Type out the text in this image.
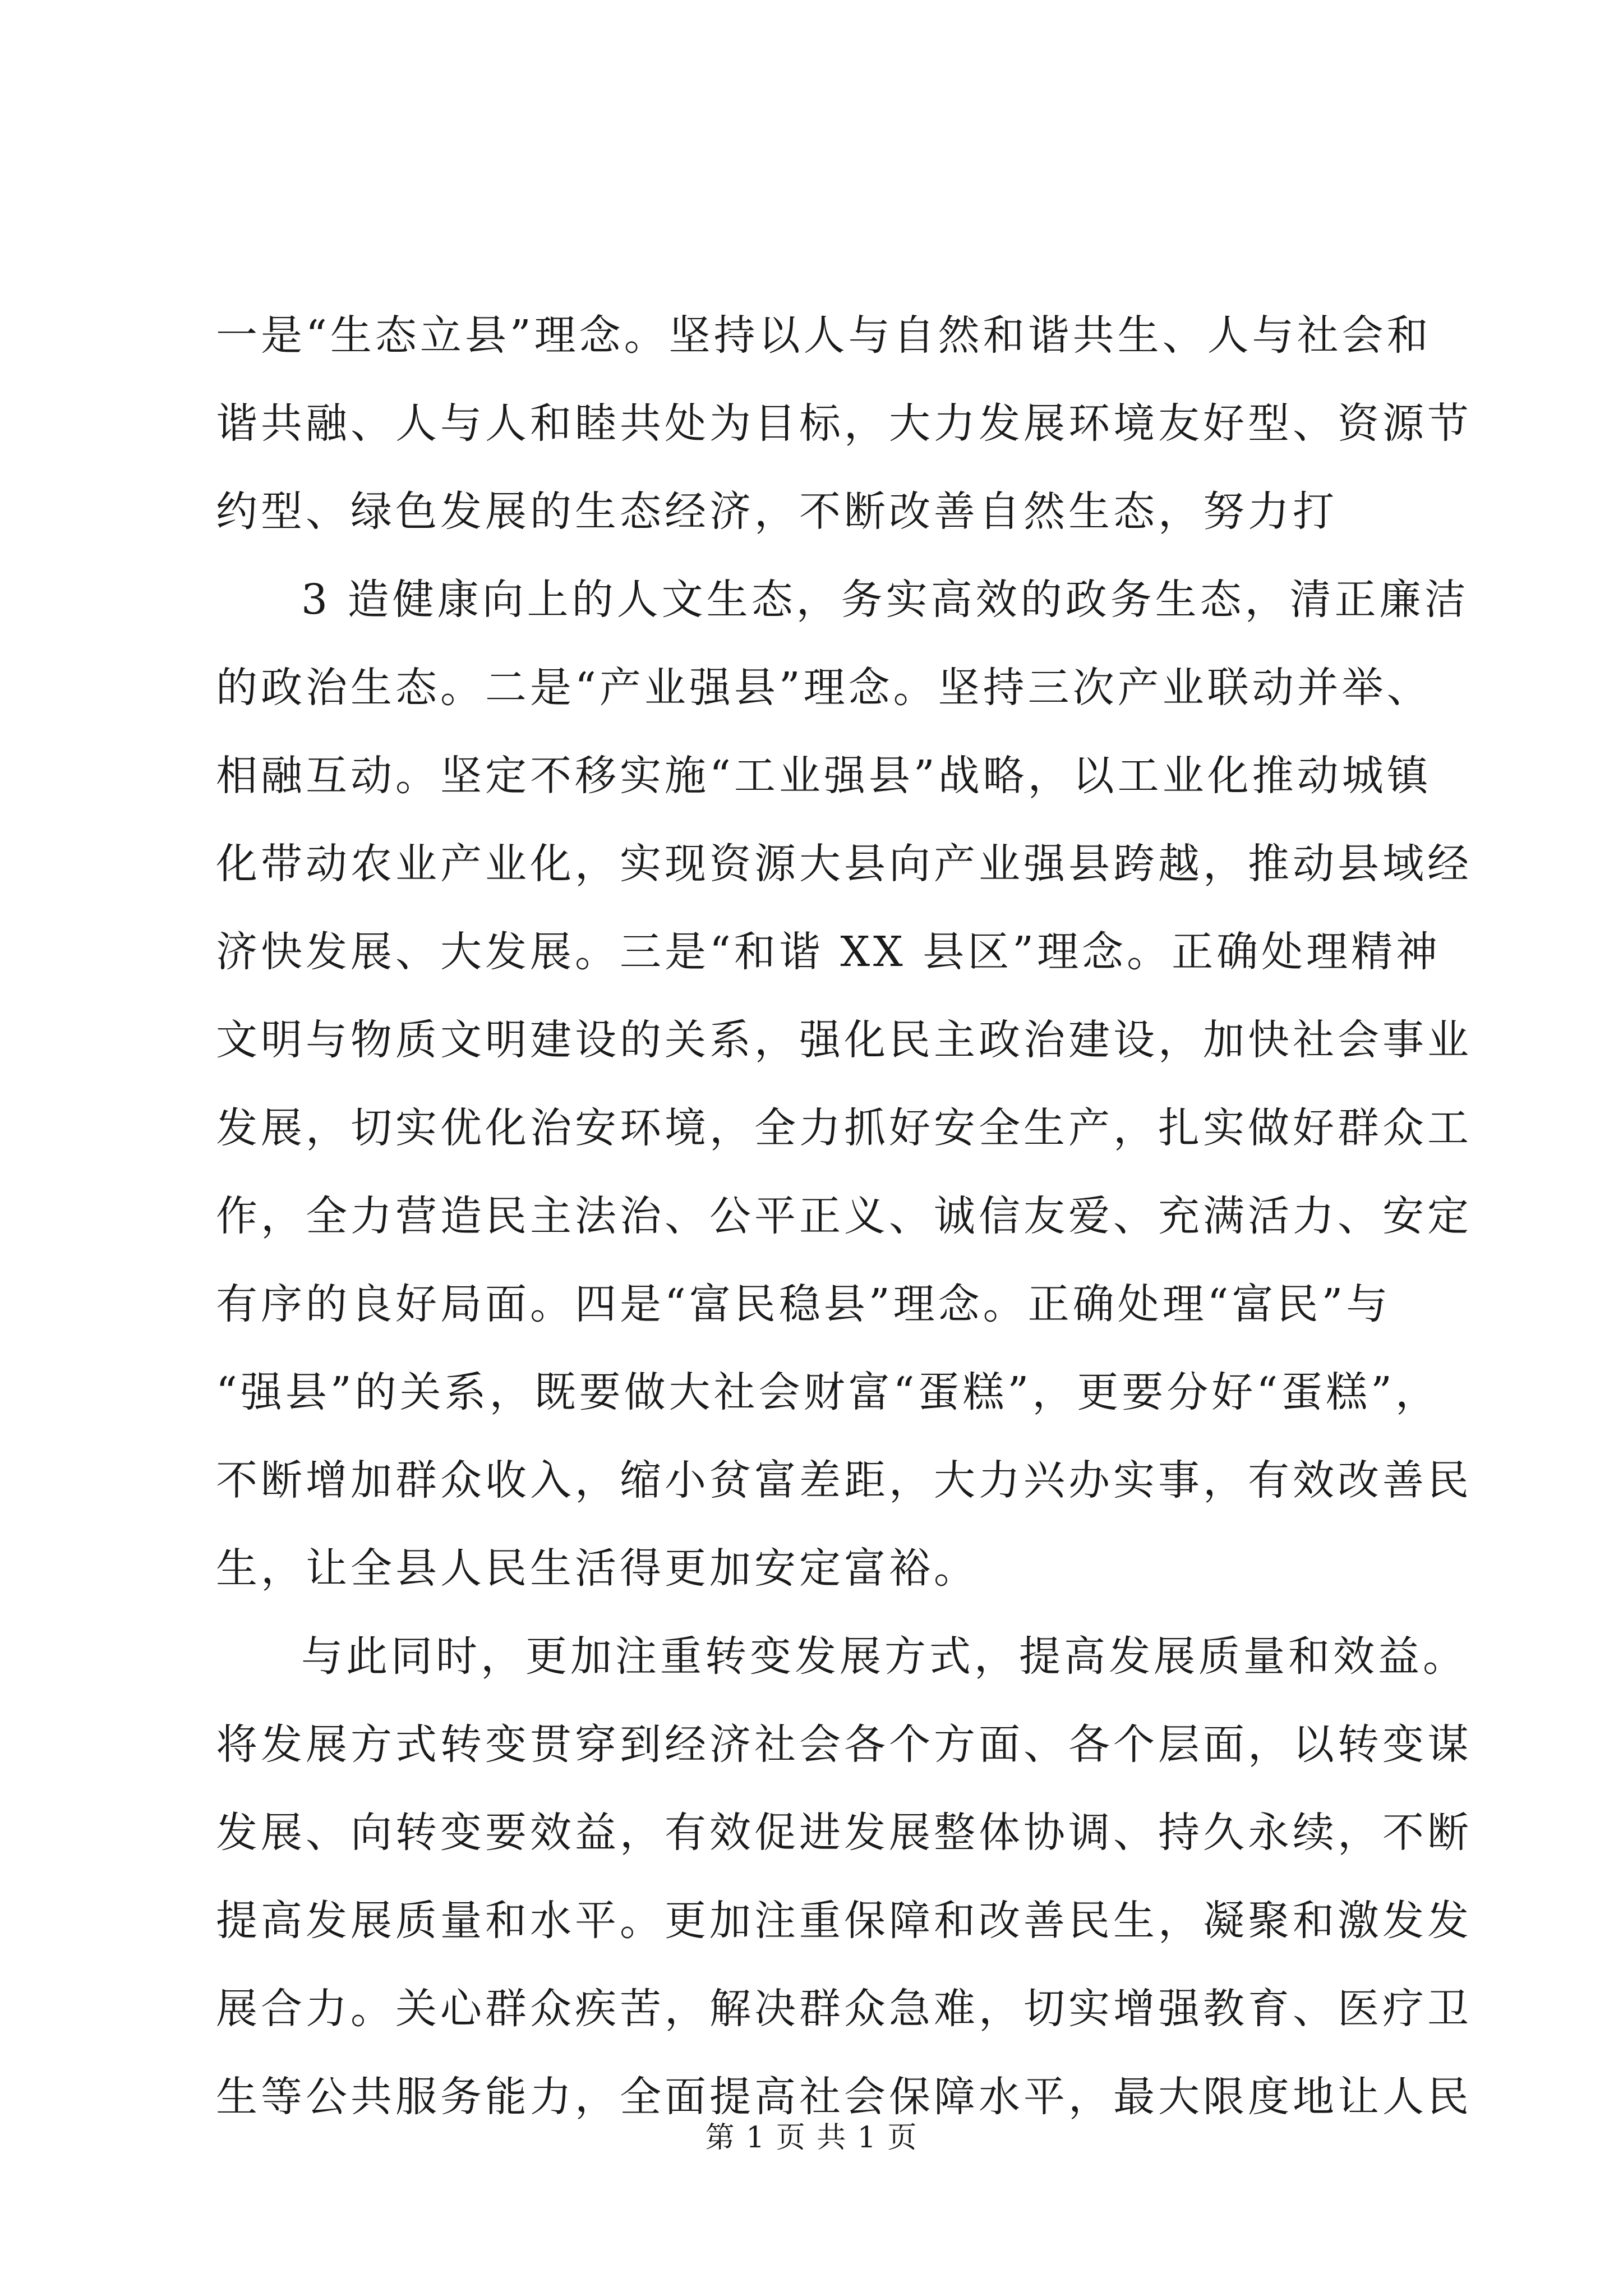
一是“生态立县”理念。坚持以人与自然和谐共生、人与社会和
谐共融、人与人和睦共处为目标，大力发展环境友好型、资源节
约型、绿色发展的生态经济，不断改善自然生态，努力打
3 造健康向上的人文生态，务实高效的政务生态，清正廉洁
的政治生态。二是“产业强县”理念。坚持三次产业联动并举、
相融互动。坚定不移实施“工业强县”战略，以工业化推动城镇
化带动农业产业化，实现资源大县向产业强县跨越，推动县域经
济快发展、大发展。三是“和谐 XX 县区”理念。正确处理精神
文明与物质文明建设的关系，强化民主政治建设，加快社会事业
发展，切实优化治安环境，全力抓好安全生产，扎实做好群众工
作，全力营造民主法治、公平正义、诚信友爱、充满活力、安定
有序的良好局面。四是“富民稳县”理念。正确处理“富民”与
“强县”的关系，既要做大社会财富“蛋糕”，更要分好“蛋糕”，
不断增加群众收入，缩小贫富差距，大力兴办实事，有效改善民
生，让全县人民生活得更加安定富裕。
与此同时，更加注重转变发展方式，提高发展质量和效益。
将发展方式转变贯穿到经济社会各个方面、各个层面，以转变谋
发展、向转变要效益，有效促进发展整体协调、持久永续，不断
提高发展质量和水平。更加注重保障和改善民生，凝聚和激发发
展合力。关心群众疾苦，解决群众急难，切实增强教育、医疗卫
生等公共服务能力，全面提高社会保障水平，最大限度地让人民
第 1 页 共 1 页
